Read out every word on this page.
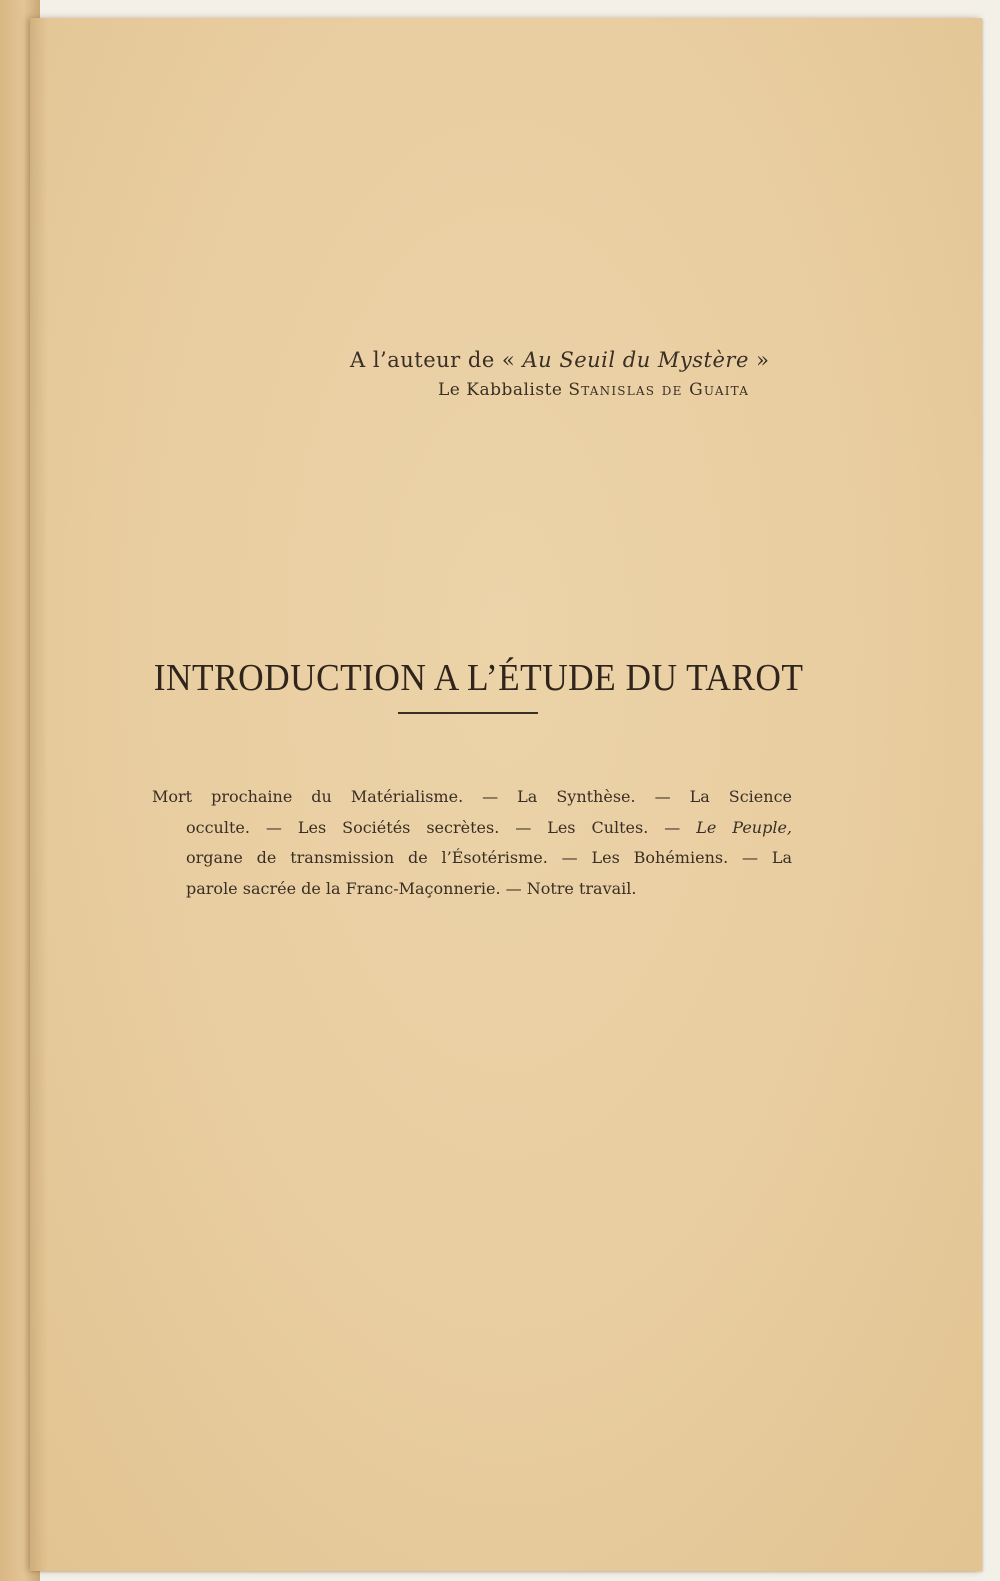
A l’auteur de « Au Seuil du Mystère »
Le Kabbaliste Stanislas de Guaita
INTRODUCTION A L’ÉTUDE DU TAROT
Mort prochaine du Matérialisme. — La Synthèse. — La Science
occulte. — Les Sociétés secrètes. — Les Cultes. — Le Peuple,
organe de transmission de l’Ésotérisme. — Les Bohémiens. — La
parole sacrée de la Franc-Maçonnerie. — Notre travail.
